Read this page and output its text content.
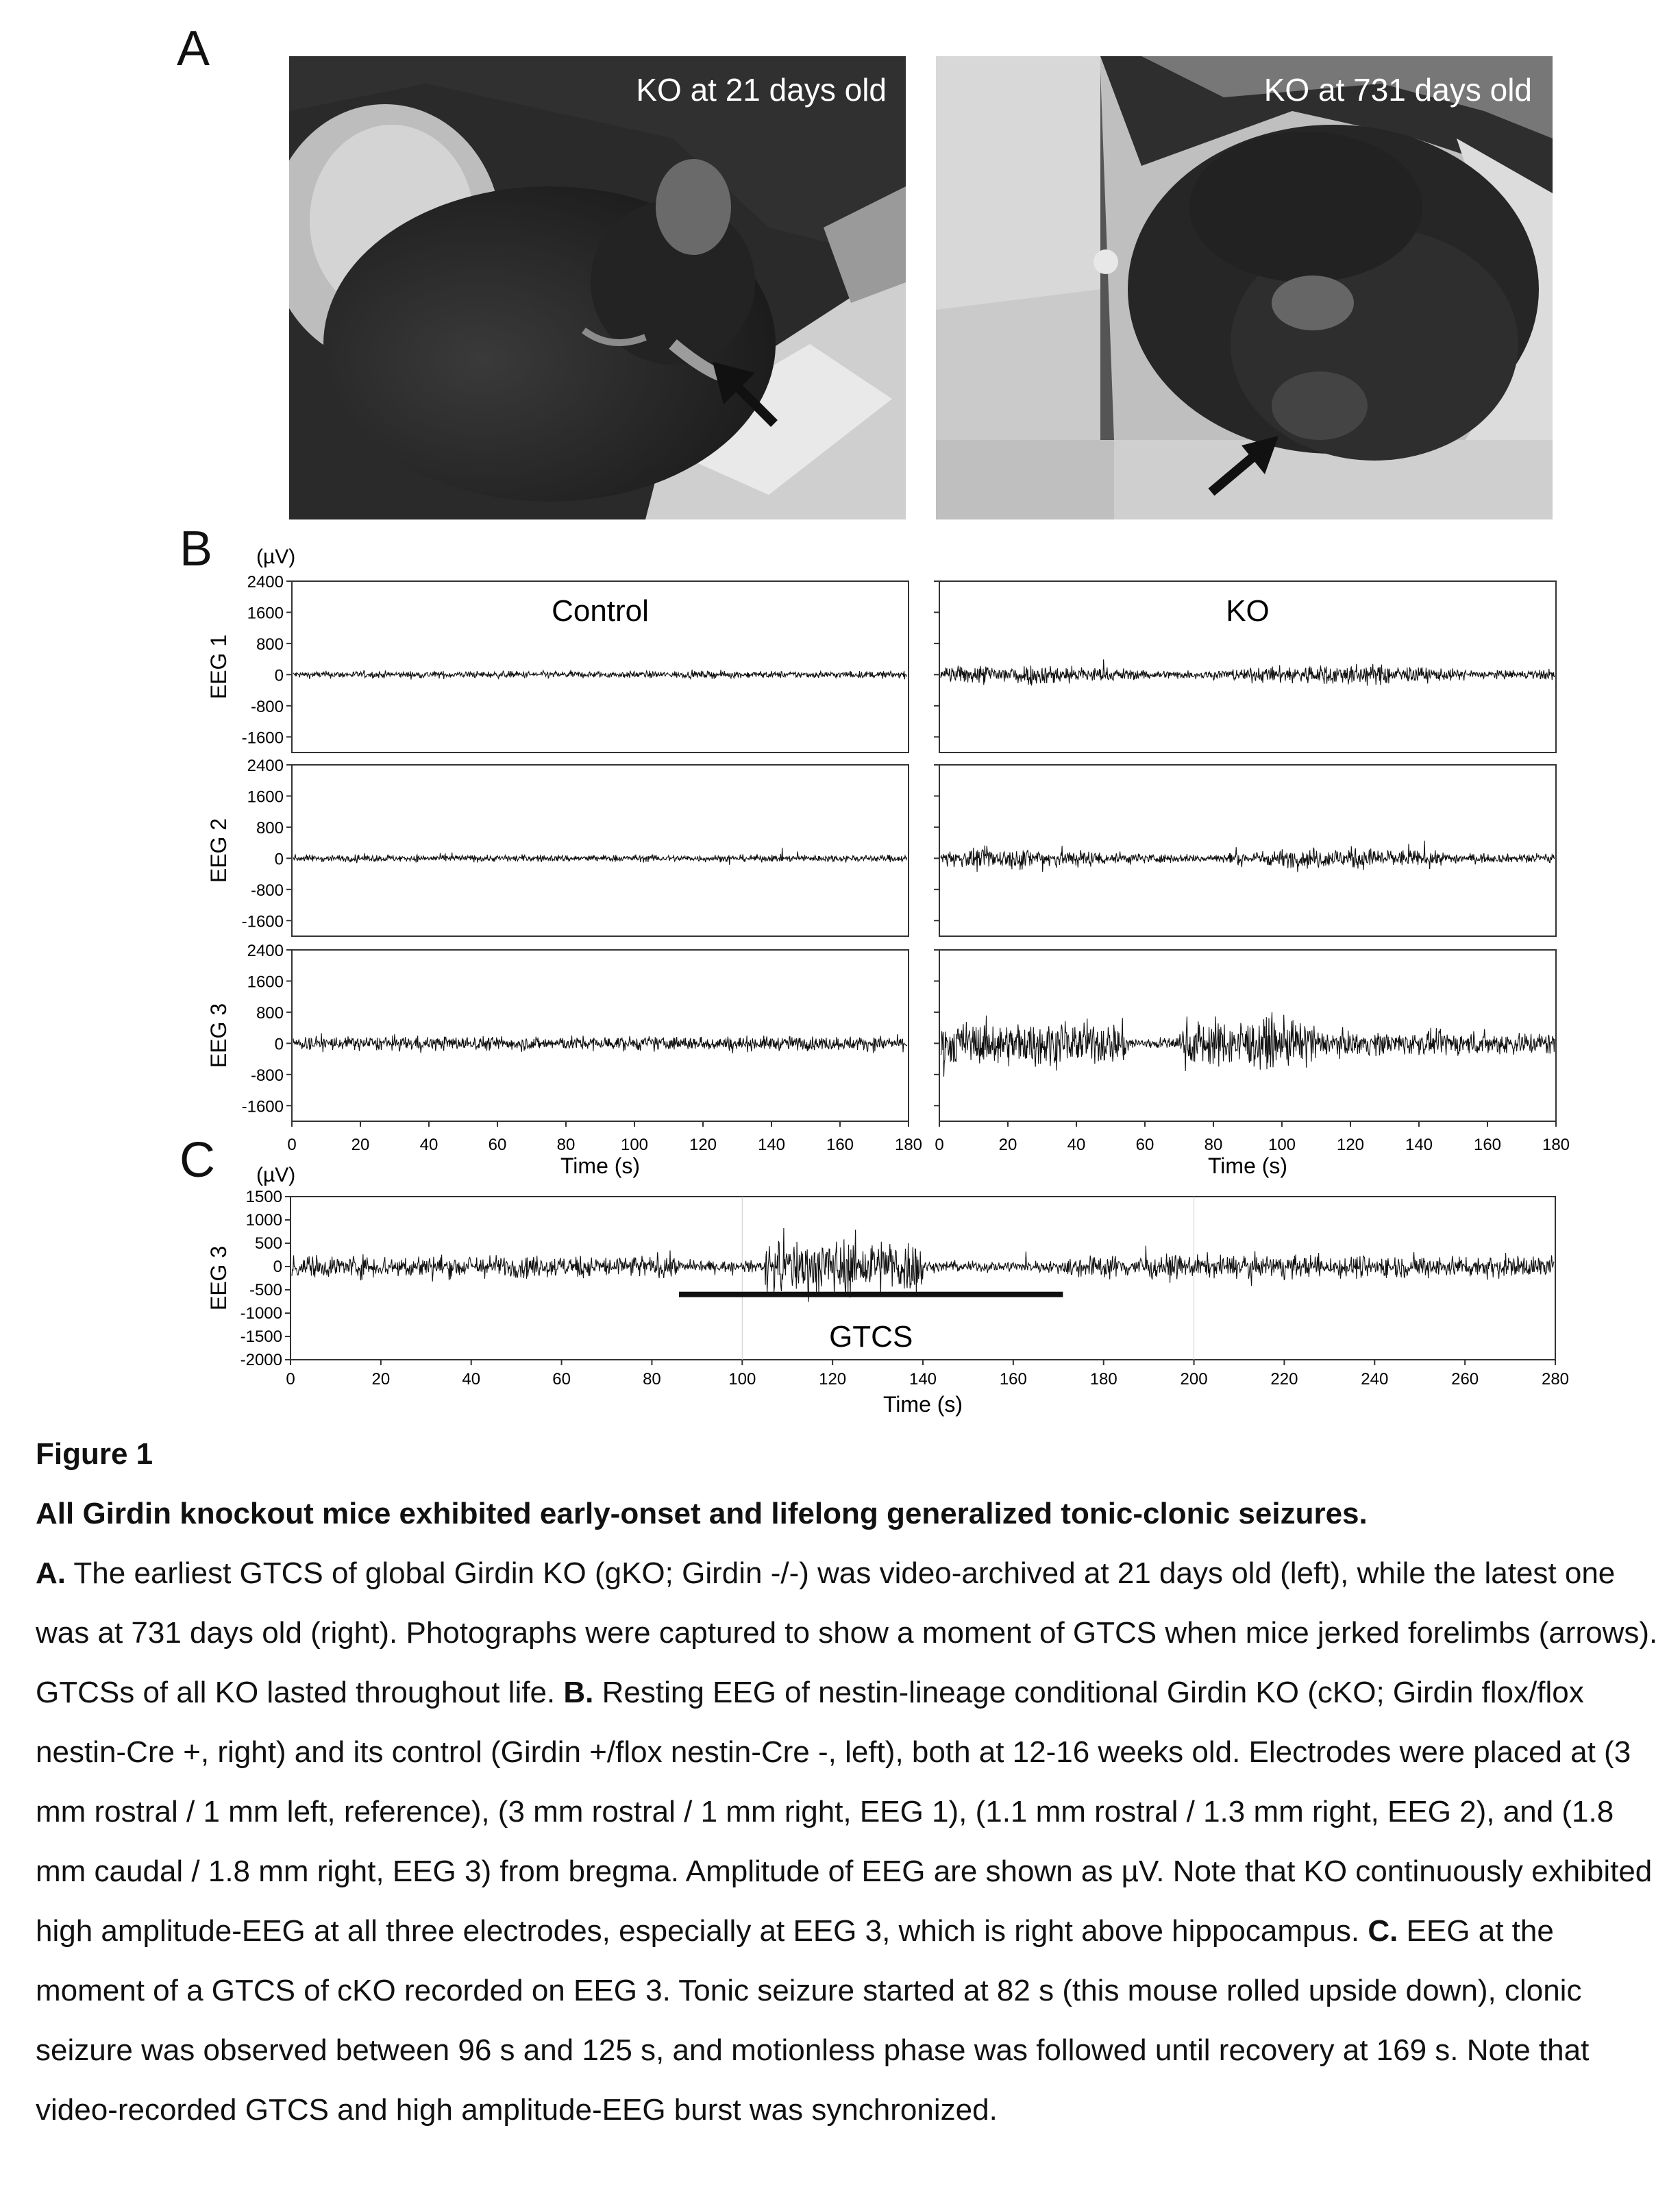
A
KO at 21 days old	KO at 731 days old
B (µV)
2400
1600
800
0
-800
-1600
EEG 1
Control
2400
1600
800
0
-800
-1600
EEG 2
2400
1600
800
0
-800
-1600
EEG 3
0	20	40	60	80	100 120 140 160 180
Time (s)
KO
0	20	40	60	80	100 120 140 160 180
Time (s)
C (µV)
1500
1000
500
0
-500
-1000
-1500
-2000
EEG 3
GTCS
0	20	40	60	80	100	120	140	160	180	200	220	240	260	280
Time (s)

Figure 1

All Girdin knockout mice exhibited early-onset and lifelong generalized tonic-clonic seizures.

A. The earliest GTCS of global Girdin KO (gKO; Girdin -/-) was video-archived at 21 days old (left), while the latest one was at 731 days old (right). Photographs were captured to show a moment of GTCS when mice jerked forelimbs (arrows). GTCSs of all KO lasted throughout life. B. Resting EEG of nestin-lineage conditional Girdin KO (cKO; Girdin flox/flox nestin-Cre +, right) and its control (Girdin +/flox nestin-Cre -, left), both at 12-16 weeks old. Electrodes were placed at (3 mm rostral / 1 mm left, reference), (3 mm rostral / 1 mm right, EEG 1), (1.1 mm rostral / 1.3 mm right, EEG 2), and (1.8 mm caudal / 1.8 mm right, EEG 3) from bregma. Amplitude of EEG are shown as µV. Note that KO continuously exhibited high amplitude-EEG at all three electrodes, especially at EEG 3, which is right above hippocampus. C. EEG at the moment of a GTCS of cKO recorded on EEG 3. Tonic seizure started at 82 s (this mouse rolled upside down), clonic seizure was observed between 96 s and 125 s, and motionless phase was followed until recovery at 169 s. Note that video-recorded GTCS and high amplitude-EEG burst was synchronized.
